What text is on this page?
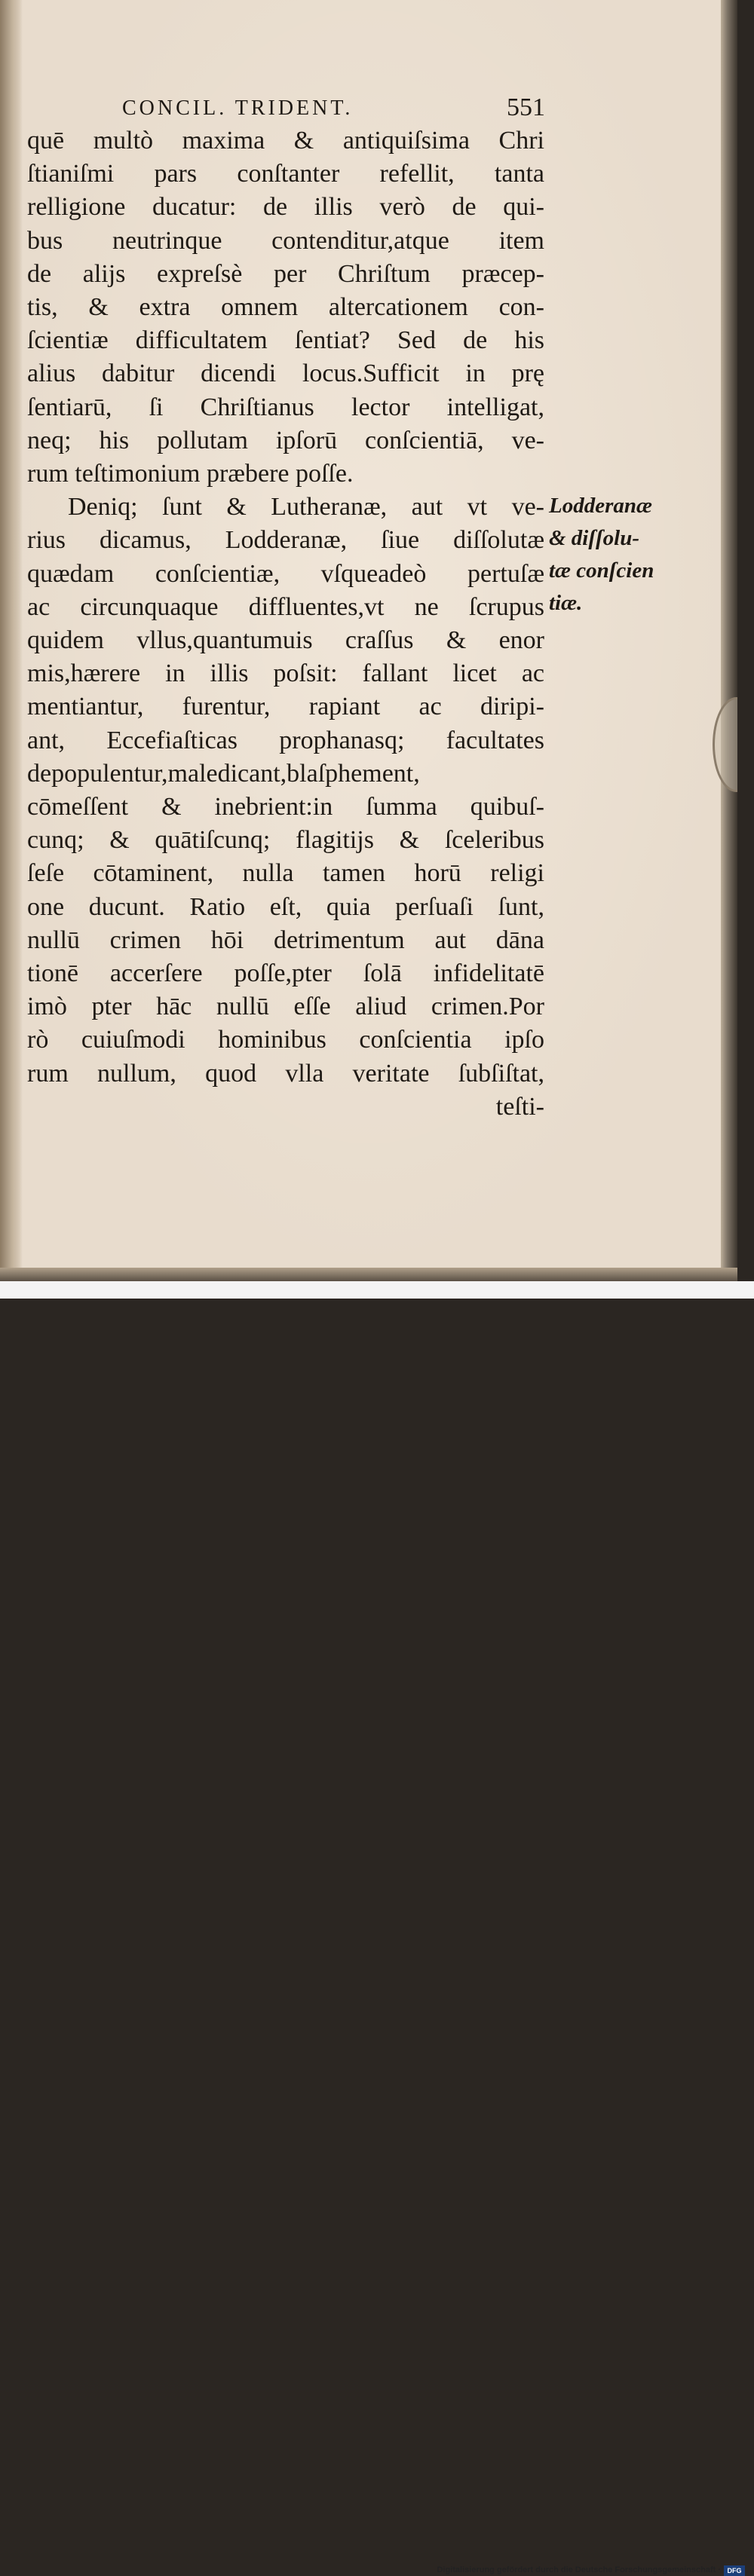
CONCIL. TRIDENT.	551
quē multò maxima & antiquiſsima Chri
ſtianiſmi pars conſtanter refellit, tanta
relligione ducatur: de illis verò de qui-
bus neutrinque contenditur,atque item
de alijs expreſsè per Chriſtum præcep-
tis, & extra omnem altercationem con-
ſcientiæ difficultatem ſentiat? Sed de his
alius dabitur dicendi locus.Sufficit in prę
ſentiarū, ſi Chriſtianus lector intelligat,
neq; his pollutam ipſorū conſcientiā, ve-
rum teſtimonium præbere poſſe.
Deniq; ſunt & Lutheranæ, aut vt ve-
rius dicamus, Lodderanæ, ſiue diſſolutæ
quædam conſcientiæ, vſqueadeò pertuſæ
ac circunquaque diffluentes,vt ne ſcrupus
quidem vllus,quantumuis craſſus & enor
mis,hærere in illis poſsit: fallant licet ac
mentiantur, furentur, rapiant ac diripi-
ant, Eccefiaſticas prophanasq; facultates
depopulentur,maledicant,blaſphement,
cōmeſſent & inebrient:in ſumma quibuſ-
cunq; & quātiſcunq; flagitijs & ſceleribus
ſeſe cōtaminent, nulla tamen horū religi
one ducunt. Ratio eſt, quia perſuaſi ſunt,
nullū crimen hōi detrimentum aut dāna
tionē accerſere poſſe,pter ſolā infidelitatē
imò pter hāc nullū eſſe aliud crimen.Por
rò cuiuſmodi hominibus conſcientia ipſo
rum nullum, quod vlla veritate ſubſiſtat,
teſti-
Lodderanæ
& diſſolu-
tæ conſcien
tiæ.
Digitalisierung gefördert durch die Deutsche Forschungsgemeinschaft · DFG
